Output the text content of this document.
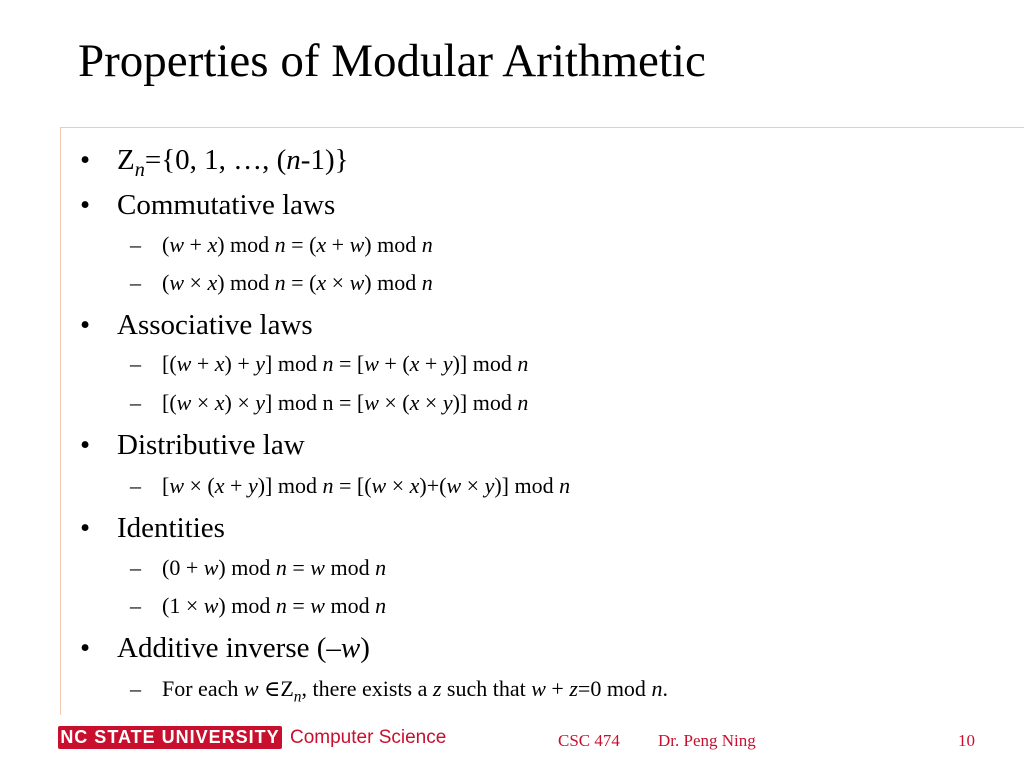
Properties of Modular Arithmetic
• $Z_n=\{0$, 1, …, (n-1)}
• Commutative laws
– (w + x) mod n = (x + w) mod n
– (w × x) mod n = (x × w) mod n
• Associative laws
– [(w + x) + y] mod n = [w + (x + y)] mod n
– [(w × x) × y] mod n = [w × (x × y)] mod n
• Distributive law
– [w × (x + y)] mod n = [(w × x)+(w × y)] mod n
• Identities
– (0 + w) mod n = w mod n
– (1 × w) mod n = w mod n
• Additive inverse (–w)
– For each w $\in Z_n$, there exists a z such that w + z=0 mod n.
NC STATE UNIVERSITY Computer Science	CSC 474 Dr. Peng Ning	10
